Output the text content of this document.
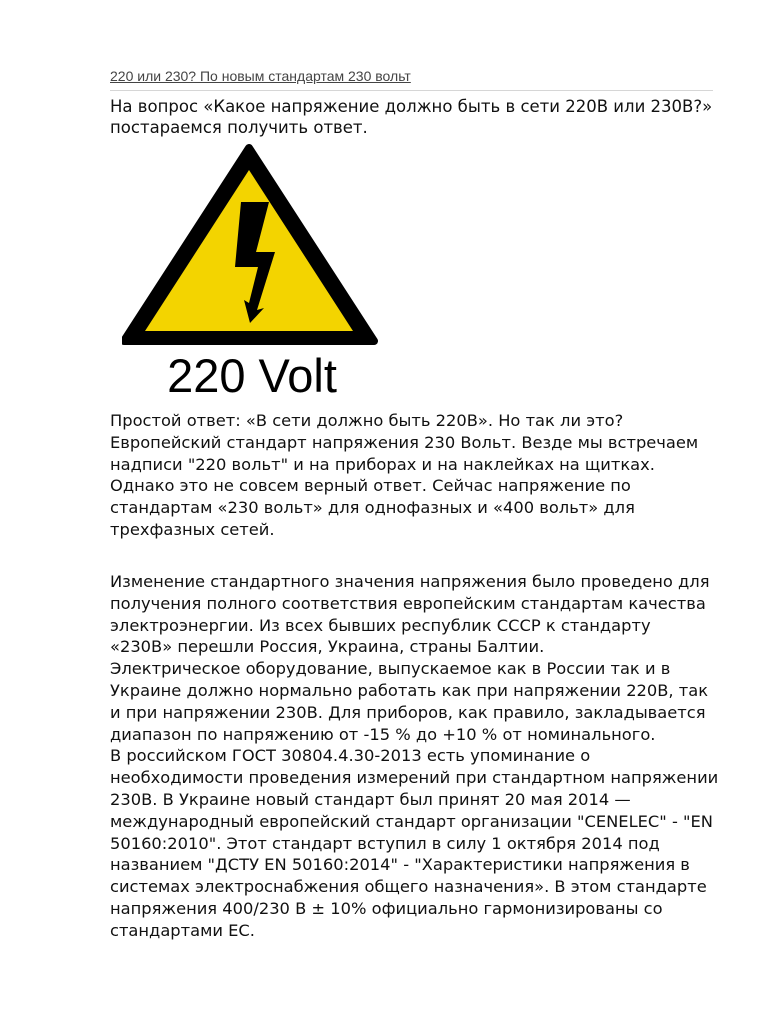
220 или 230? По новым стандартам 230 вольт

На вопрос «Какое напряжение должно быть в сети 220В или 230В?»
постараемся получить ответ.

220 Volt

Простой ответ: «В сети должно быть 220В». Но так ли это?
Европейский стандарт напряжения 230 Вольт. Везде мы встречаем
надписи "220 вольт" и на приборах и на наклейках на щитках.
Однако это не совсем верный ответ. Сейчас напряжение по
стандартам «230 вольт» для однофазных и «400 вольт» для
трехфазных сетей.

Изменение стандартного значения напряжения было проведено для
получения полного соответствия европейским стандартам качества
электроэнергии. Из всех бывших республик СССР к стандарту
«230В» перешли Россия, Украина, страны Балтии.
Электрическое оборудование, выпускаемое как в России так и в
Украине должно нормально работать как при напряжении 220В, так
и при напряжении 230В. Для приборов, как правило, закладывается
диапазон по напряжению от -15 % до +10 % от номинального.
В российском ГОСТ 30804.4.30-2013 есть упоминание о
необходимости проведения измерений при стандартном напряжении
230В. В Украине новый стандарт был принят 20 мая 2014 —
международный европейский стандарт организации "CENELEC" - "EN
50160:2010". Этот стандарт вступил в силу 1 октября 2014 под
названием "ДСТУ EN 50160:2014" - "Характеристики напряжения в
системах электроснабжения общего назначения». В этом стандарте
напряжения 400/230 В ± 10% официально гармонизированы со
стандартами ЕС.
